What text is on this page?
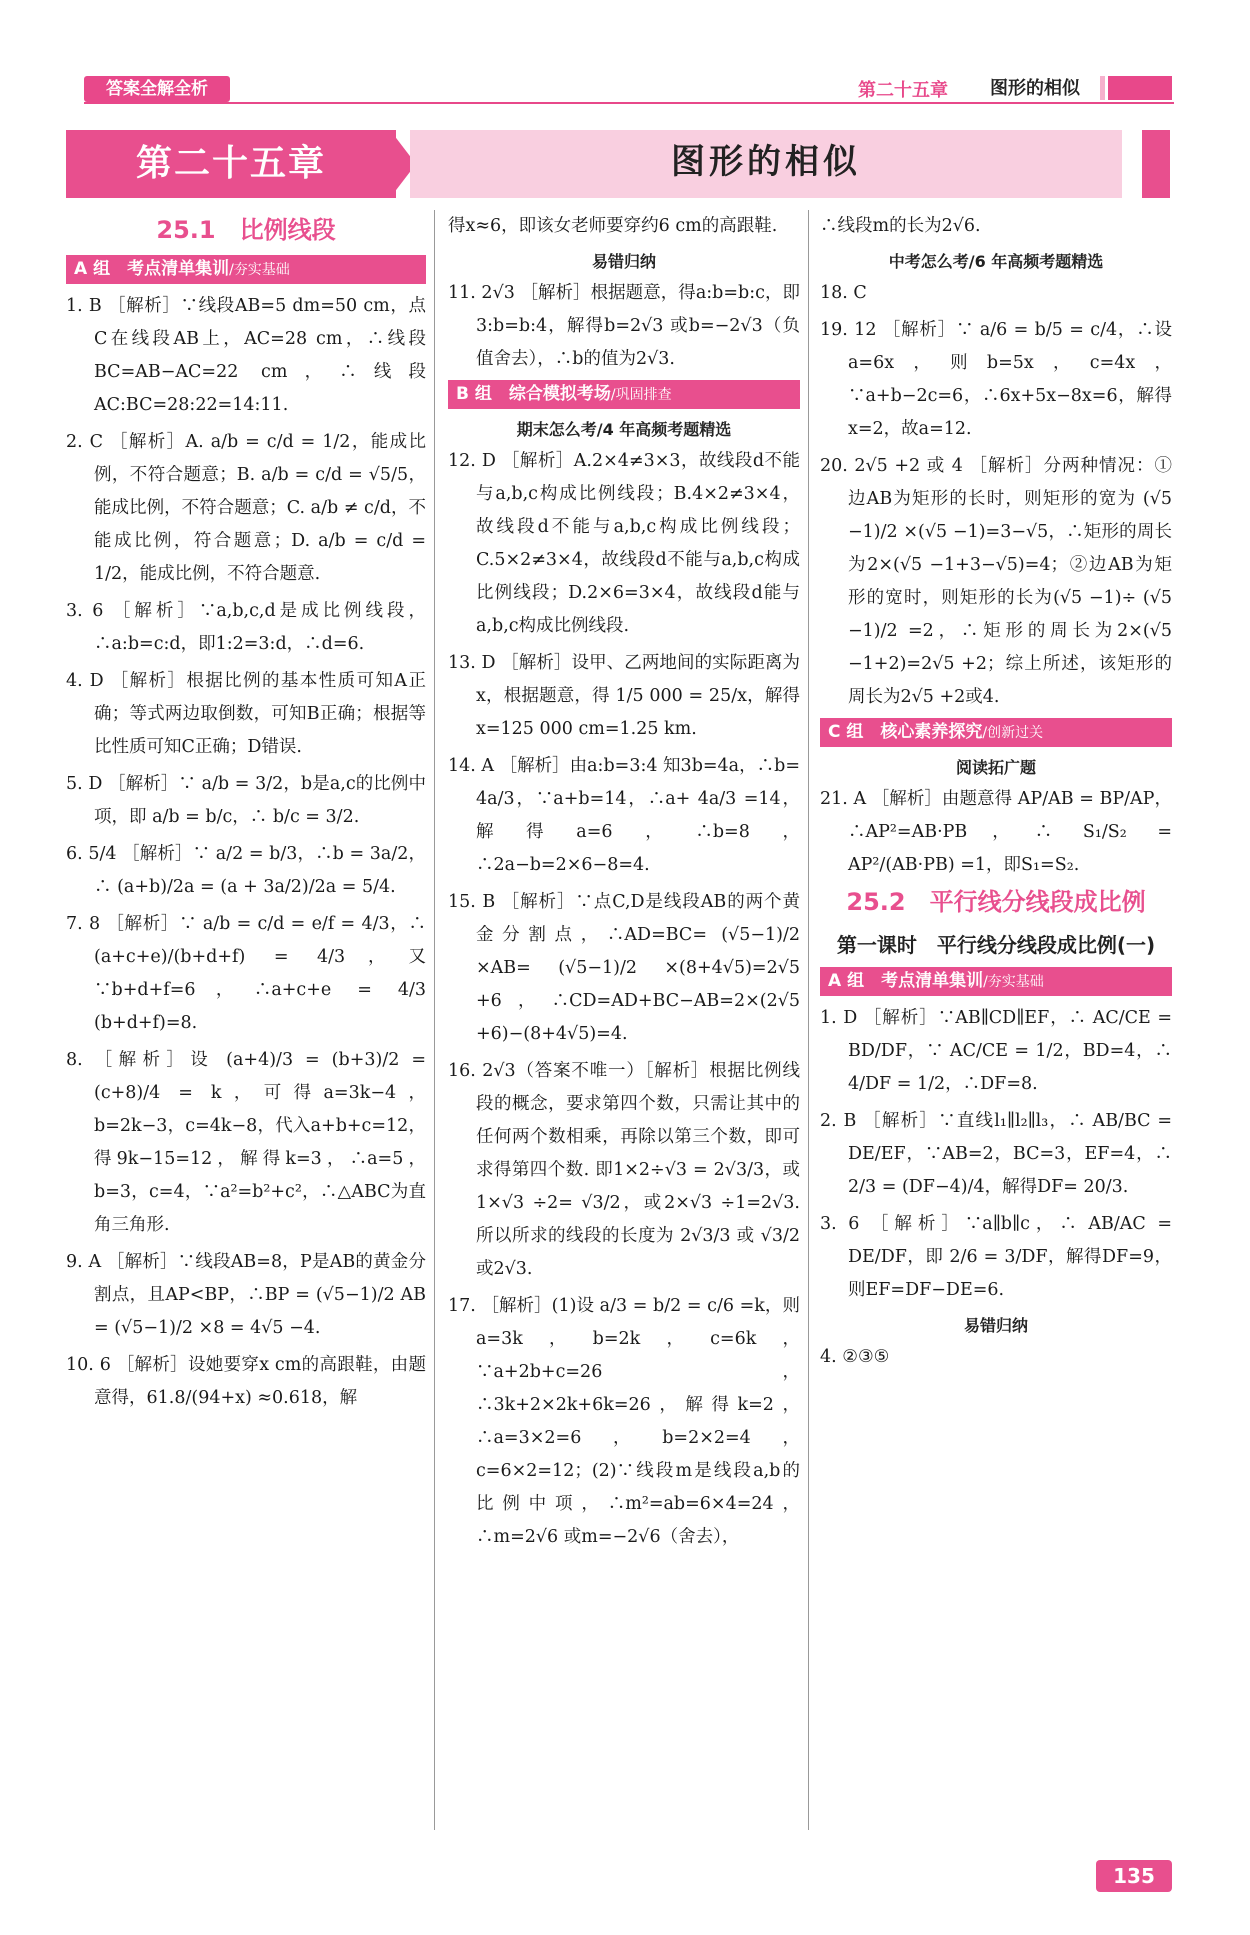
答案全解全析	第二十五章 图形的相似
第二十五章	图形的相似
25.1　比例线段
A 组　考点清单集训/夯实基础
1. B ［解析］∵线段AB=5 dm=50 cm，点C在线段AB上，AC=28 cm，∴线段BC=AB−AC=22 cm，∴线段AC:BC=28:22=14:11.
2. C ［解析］A. a/b = c/d = 1/2，能成比例，不符合题意；B. a/b = c/d = √5/5，能成比例，不符合题意；C. a/b ≠ c/d，不能成比例，符合题意；D. a/b = c/d = 1/2，能成比例，不符合题意.
3. 6 ［解析］∵a,b,c,d是成比例线段，∴a:b=c:d，即1:2=3:d，∴d=6.
4. D ［解析］根据比例的基本性质可知A正确；等式两边取倒数，可知B正确；根据等比性质可知C正确；D错误.
5. D ［解析］∵ a/b = 3/2，b是a,c的比例中项，即 a/b = b/c，∴ b/c = 3/2.
6. 5/4 ［解析］∵ a/2 = b/3，∴b = 3a/2，∴ (a+b)/2a = (a + 3a/2)/2a = 5/4.
7. 8 ［解析］∵ a/b = c/d = e/f = 4/3，∴ (a+c+e)/(b+d+f) = 4/3，又∵b+d+f=6，∴a+c+e = 4/3 (b+d+f)=8.
8. ［解析］设 (a+4)/3 = (b+3)/2 = (c+8)/4 = k，可得a=3k−4，b=2k−3，c=4k−8，代入a+b+c=12，得9k−15=12，解得k=3，∴a=5，b=3，c=4，∵a²=b²+c²，∴△ABC为直角三角形.
9. A ［解析］∵线段AB=8，P是AB的黄金分割点，且AP<BP，∴BP = (√5−1)/2 AB = (√5−1)/2 ×8 = 4√5 −4.
10. 6 ［解析］设她要穿x cm的高跟鞋，由题意得，61.8/(94+x) ≈0.618，解
得x≈6，即该女老师要穿约6 cm的高跟鞋.
易错归纳
11. 2√3 ［解析］根据题意，得a:b=b:c，即3:b=b:4，解得b=2√3 或b=−2√3（负值舍去），∴b的值为2√3.
B 组　综合模拟考场/巩固排查
期末怎么考/4 年高频考题精选
12. D ［解析］A.2×4≠3×3，故线段d不能与a,b,c构成比例线段；B.4×2≠3×4，故线段d不能与a,b,c构成比例线段；C.5×2≠3×4，故线段d不能与a,b,c构成比例线段；D.2×6=3×4，故线段d能与a,b,c构成比例线段.
13. D ［解析］设甲、乙两地间的实际距离为x，根据题意，得 1/5 000 = 25/x，解得x=125 000 cm=1.25 km.
14. A ［解析］由a:b=3:4 知3b=4a，∴b= 4a/3，∵a+b=14，∴a+ 4a/3 =14，解得a=6，∴b=8，∴2a−b=2×6−8=4.
15. B ［解析］∵点C,D是线段AB的两个黄金分割点，∴AD=BC= (√5−1)/2 ×AB= (√5−1)/2 ×(8+4√5)=2√5 +6，∴CD=AD+BC−AB=2×(2√5 +6)−(8+4√5)=4.
16. 2√3（答案不唯一）［解析］根据比例线段的概念，要求第四个数，只需让其中的任何两个数相乘，再除以第三个数，即可求得第四个数. 即1×2÷√3 = 2√3/3，或1×√3 ÷2= √3/2，或2×√3 ÷1=2√3. 所以所求的线段的长度为 2√3/3 或 √3/2 或2√3.
17. ［解析］(1)设 a/3 = b/2 = c/6 =k，则a=3k，b=2k，c=6k，∵a+2b+c=26，∴3k+2×2k+6k=26，解得k=2，∴a=3×2=6，b=2×2=4，c=6×2=12；(2)∵线段m是线段a,b的比例中项，∴m²=ab=6×4=24，∴m=2√6 或m=−2√6（舍去），
∴线段m的长为2√6.
中考怎么考/6 年高频考题精选
18. C
19. 12 ［解析］∵ a/6 = b/5 = c/4，∴设a=6x，则b=5x，c=4x，∵a+b−2c=6，∴6x+5x−8x=6，解得x=2，故a=12.
20. 2√5 +2 或 4 ［解析］分两种情况：①边AB为矩形的长时，则矩形的宽为 (√5 −1)/2 ×(√5 −1)=3−√5，∴矩形的周长为2×(√5 −1+3−√5)=4；②边AB为矩形的宽时，则矩形的长为(√5 −1)÷ (√5 −1)/2 =2，∴矩形的周长为2×(√5 −1+2)=2√5 +2；综上所述，该矩形的周长为2√5 +2或4.
C 组　核心素养探究/创新过关
阅读拓广题
21. A ［解析］由题意得 AP/AB = BP/AP，∴AP²=AB·PB，∴ S₁/S₂ = AP²/(AB·PB) =1，即S₁=S₂.
25.2　平行线分线段成比例
第一课时　平行线分线段成比例(一)
A 组　考点清单集训/夯实基础
1. D ［解析］∵AB∥CD∥EF，∴ AC/CE = BD/DF，∵ AC/CE = 1/2，BD=4，∴ 4/DF = 1/2，∴DF=8.
2. B ［解析］∵直线l₁∥l₂∥l₃，∴ AB/BC = DE/EF，∵AB=2，BC=3，EF=4，∴ 2/3 = (DF−4)/4，解得DF= 20/3.
3. 6 ［解析］∵a∥b∥c，∴ AB/AC = DE/DF，即 2/6 = 3/DF，解得DF=9，则EF=DF−DE=6.
易错归纳
4. ②③⑤
135
